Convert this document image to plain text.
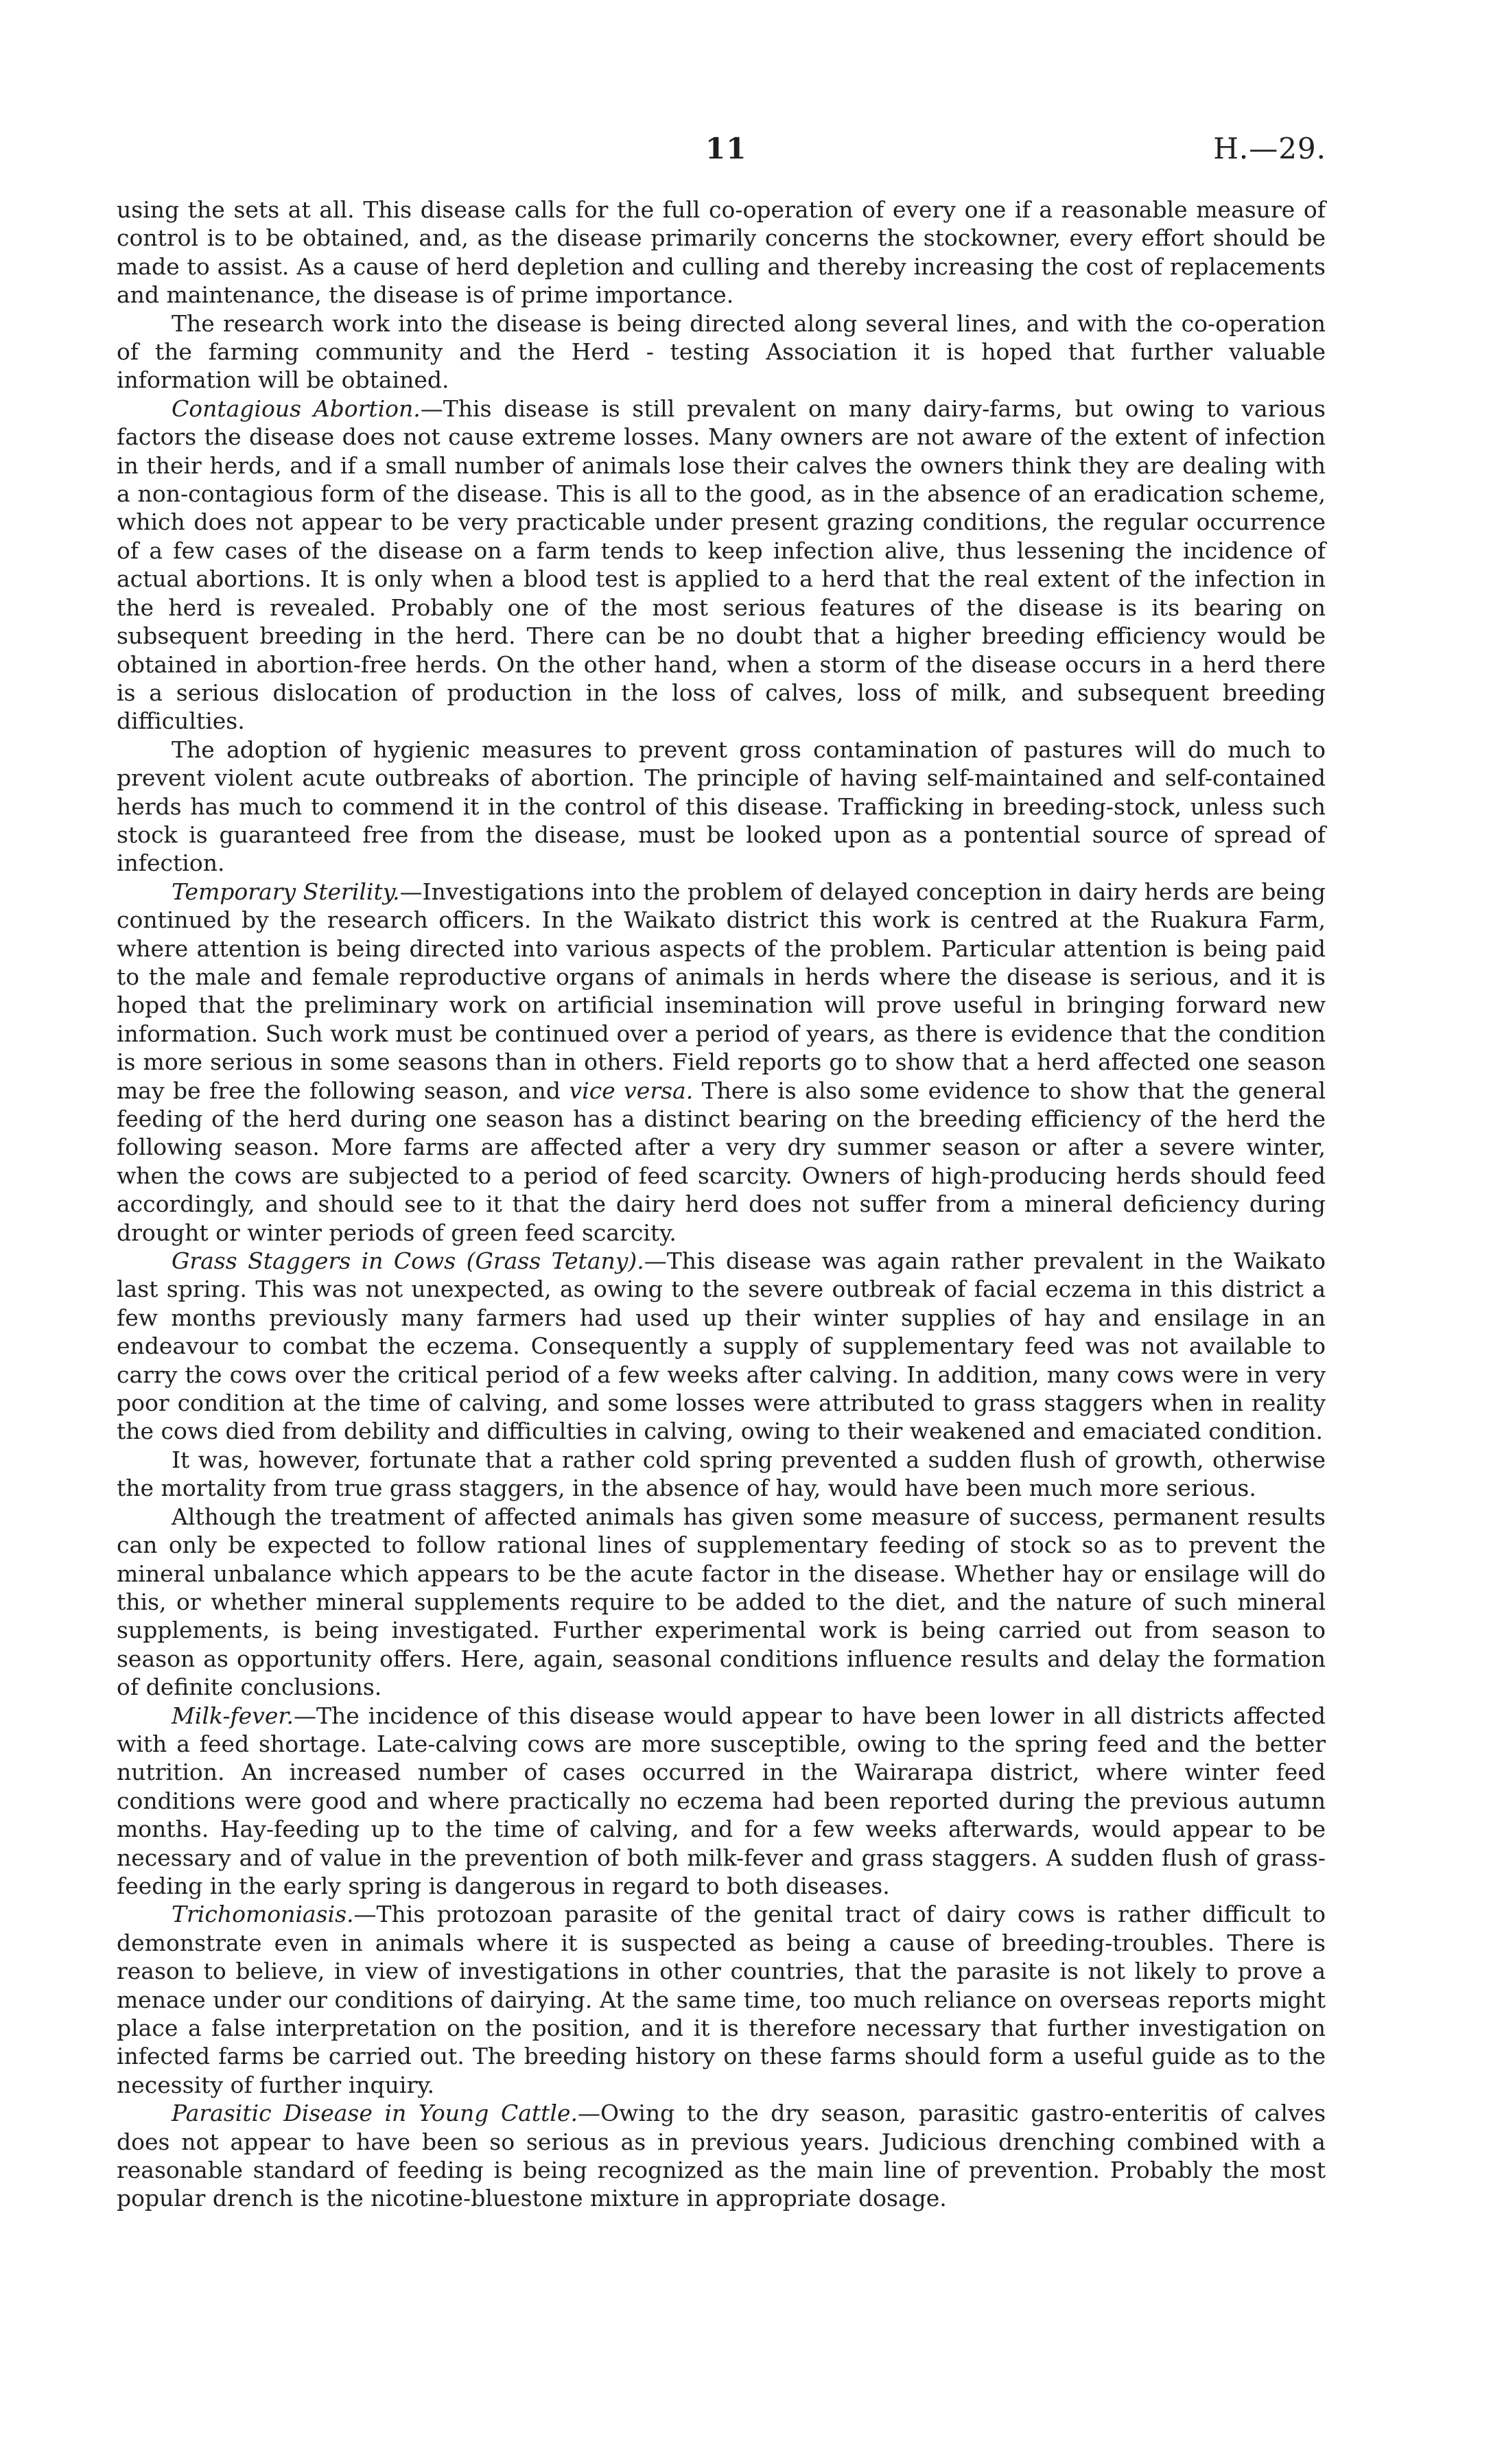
11	H.—29.

using the sets at all. This disease calls for the full co-operation of every one if a reasonable measure of control is to be obtained, and, as the disease primarily concerns the stockowner, every effort should be made to assist. As a cause of herd depletion and culling and thereby increasing the cost of replacements and maintenance, the disease is of prime importance.

The research work into the disease is being directed along several lines, and with the co-operation of the farming community and the Herd - testing Association it is hoped that further valuable information will be obtained.

Contagious Abortion.—This disease is still prevalent on many dairy-farms, but owing to various factors the disease does not cause extreme losses. Many owners are not aware of the extent of infection in their herds, and if a small number of animals lose their calves the owners think they are dealing with a non-contagious form of the disease. This is all to the good, as in the absence of an eradication scheme, which does not appear to be very practicable under present grazing conditions, the regular occurrence of a few cases of the disease on a farm tends to keep infection alive, thus lessening the incidence of actual abortions. It is only when a blood test is applied to a herd that the real extent of the infection in the herd is revealed. Probably one of the most serious features of the disease is its bearing on subsequent breeding in the herd. There can be no doubt that a higher breeding efficiency would be obtained in abortion-free herds. On the other hand, when a storm of the disease occurs in a herd there is a serious dislocation of production in the loss of calves, loss of milk, and subsequent breeding difficulties.

The adoption of hygienic measures to prevent gross contamination of pastures will do much to prevent violent acute outbreaks of abortion. The principle of having self-maintained and self-contained herds has much to commend it in the control of this disease. Trafficking in breeding-stock, unless such stock is guaranteed free from the disease, must be looked upon as a pontential source of spread of infection.

Temporary Sterility.—Investigations into the problem of delayed conception in dairy herds are being continued by the research officers. In the Waikato district this work is centred at the Ruakura Farm, where attention is being directed into various aspects of the problem. Particular attention is being paid to the male and female reproductive organs of animals in herds where the disease is serious, and it is hoped that the preliminary work on artificial insemination will prove useful in bringing forward new information. Such work must be continued over a period of years, as there is evidence that the condition is more serious in some seasons than in others. Field reports go to show that a herd affected one season may be free the following season, and vice versa. There is also some evidence to show that the general feeding of the herd during one season has a distinct bearing on the breeding efficiency of the herd the following season. More farms are affected after a very dry summer season or after a severe winter, when the cows are subjected to a period of feed scarcity. Owners of high-producing herds should feed accordingly, and should see to it that the dairy herd does not suffer from a mineral deficiency during drought or winter periods of green feed scarcity.

Grass Staggers in Cows (Grass Tetany).—This disease was again rather prevalent in the Waikato last spring. This was not unexpected, as owing to the severe outbreak of facial eczema in this district a few months previously many farmers had used up their winter supplies of hay and ensilage in an endeavour to combat the eczema. Consequently a supply of supplementary feed was not available to carry the cows over the critical period of a few weeks after calving. In addition, many cows were in very poor condition at the time of calving, and some losses were attributed to grass staggers when in reality the cows died from debility and difficulties in calving, owing to their weakened and emaciated condition.

It was, however, fortunate that a rather cold spring prevented a sudden flush of growth, otherwise the mortality from true grass staggers, in the absence of hay, would have been much more serious.

Although the treatment of affected animals has given some measure of success, permanent results can only be expected to follow rational lines of supplementary feeding of stock so as to prevent the mineral unbalance which appears to be the acute factor in the disease. Whether hay or ensilage will do this, or whether mineral supplements require to be added to the diet, and the nature of such mineral supplements, is being investigated. Further experimental work is being carried out from season to season as opportunity offers. Here, again, seasonal conditions influence results and delay the formation of definite conclusions.

Milk-fever.—The incidence of this disease would appear to have been lower in all districts affected with a feed shortage. Late-calving cows are more susceptible, owing to the spring feed and the better nutrition. An increased number of cases occurred in the Wairarapa district, where winter feed conditions were good and where practically no eczema had been reported during the previous autumn months. Hay-feeding up to the time of calving, and for a few weeks afterwards, would appear to be necessary and of value in the prevention of both milk-fever and grass staggers. A sudden flush of grass-feeding in the early spring is dangerous in regard to both diseases.

Trichomoniasis.—This protozoan parasite of the genital tract of dairy cows is rather difficult to demonstrate even in animals where it is suspected as being a cause of breeding-troubles. There is reason to believe, in view of investigations in other countries, that the parasite is not likely to prove a menace under our conditions of dairying. At the same time, too much reliance on overseas reports might place a false interpretation on the position, and it is therefore necessary that further investigation on infected farms be carried out. The breeding history on these farms should form a useful guide as to the necessity of further inquiry.

Parasitic Disease in Young Cattle.—Owing to the dry season, parasitic gastro-enteritis of calves does not appear to have been so serious as in previous years. Judicious drenching combined with a reasonable standard of feeding is being recognized as the main line of prevention. Probably the most popular drench is the nicotine-bluestone mixture in appropriate dosage.
